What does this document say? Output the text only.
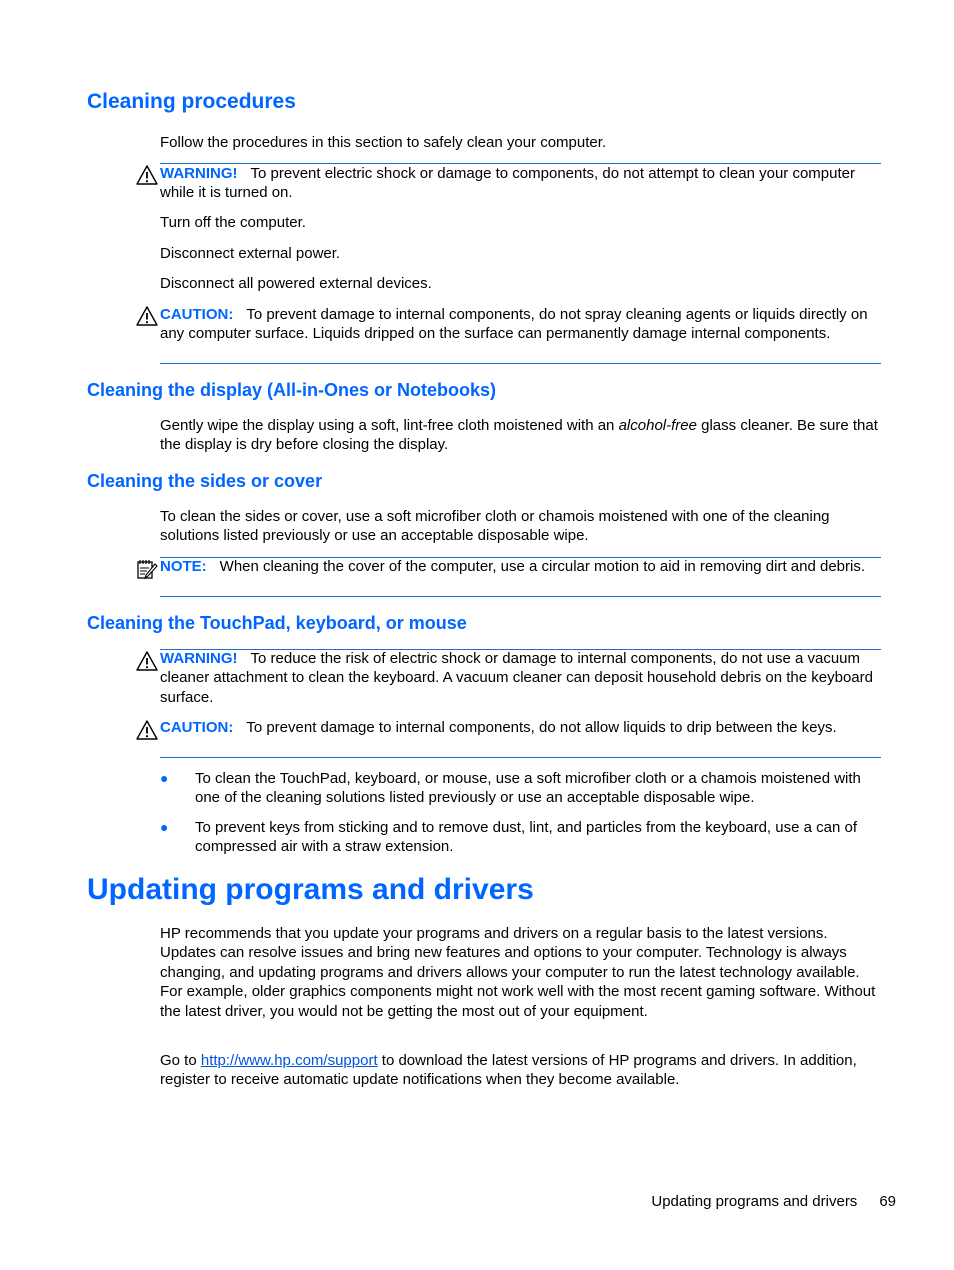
Cleaning procedures
Follow the procedures in this section to safely clean your computer.
WARNING! To prevent electric shock or damage to components, do not attempt to clean your computer while it is turned on.
Turn off the computer.
Disconnect external power.
Disconnect all powered external devices.
CAUTION: To prevent damage to internal components, do not spray cleaning agents or liquids directly on any computer surface. Liquids dripped on the surface can permanently damage internal components.
Cleaning the display (All-in-Ones or Notebooks)
Gently wipe the display using a soft, lint-free cloth moistened with an alcohol-free glass cleaner. Be sure that the display is dry before closing the display.
Cleaning the sides or cover
To clean the sides or cover, use a soft microfiber cloth or chamois moistened with one of the cleaning solutions listed previously or use an acceptable disposable wipe.
NOTE: When cleaning the cover of the computer, use a circular motion to aid in removing dirt and debris.
Cleaning the TouchPad, keyboard, or mouse
WARNING! To reduce the risk of electric shock or damage to internal components, do not use a vacuum cleaner attachment to clean the keyboard. A vacuum cleaner can deposit household debris on the keyboard surface.
CAUTION: To prevent damage to internal components, do not allow liquids to drip between the keys.
● To clean the TouchPad, keyboard, or mouse, use a soft microfiber cloth or a chamois moistened with one of the cleaning solutions listed previously or use an acceptable disposable wipe.
● To prevent keys from sticking and to remove dust, lint, and particles from the keyboard, use a can of compressed air with a straw extension.
Updating programs and drivers
HP recommends that you update your programs and drivers on a regular basis to the latest versions. Updates can resolve issues and bring new features and options to your computer. Technology is always changing, and updating programs and drivers allows your computer to run the latest technology available. For example, older graphics components might not work well with the most recent gaming software. Without the latest driver, you would not be getting the most out of your equipment.
Go to http://www.hp.com/support to download the latest versions of HP programs and drivers. In addition, register to receive automatic update notifications when they become available.
Updating programs and drivers 69
